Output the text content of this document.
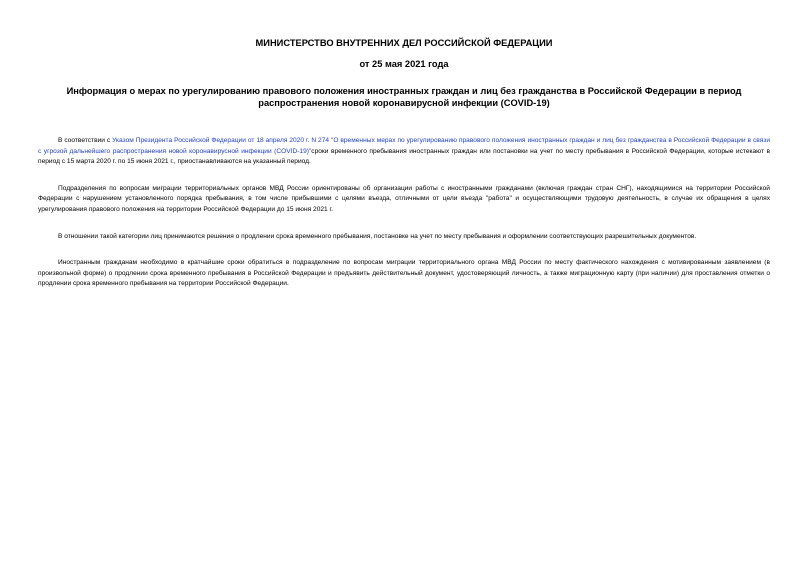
МИНИСТЕРСТВО ВНУТРЕННИХ ДЕЛ РОССИЙСКОЙ ФЕДЕРАЦИИ
от 25 мая 2021 года
Информация о мерах по урегулированию правового положения иностранных граждан и лиц без гражданства в Российской Федерации в период распространения новой коронавирусной инфекции (COVID-19)

В соответствии с Указом Президента Российской Федерации от 18 апреля 2020 г. N 274 "О временных мерах по урегулированию правового положения иностранных граждан и лиц без гражданства в Российской Федерации в связи с угрозой дальнейшего распространения новой коронавирусной инфекции (COVID-19)"сроки временного пребывания иностранных граждан или постановки на учет по месту пребывания в Российской Федерации, которые истекают в период с 15 марта 2020 г. по 15 июня 2021 г., приостанавливаются на указанный период.

Подразделения по вопросам миграции территориальных органов МВД России ориентированы об организации работы с иностранными гражданами (включая граждан стран СНГ), находящимися на территории Российской Федерации с нарушением установленного порядка пребывания, в том числе прибывшими с целями въезда, отличными от цели въезда "работа" и осуществляющими трудовую деятельность, в случае их обращения в целях урегулирования правового положения на территории Российской Федерации до 15 июня 2021 г.

В отношении такой категории лиц принимаются решения о продлении срока временного пребывания, постановке на учет по месту пребывания и оформлении соответствующих разрешительных документов.

Иностранным гражданам необходимо в кратчайшие сроки обратиться в подразделение по вопросам миграции территориального органа МВД России по месту фактического нахождения с мотивированным заявлением (в произвольной форме) о продлении срока временного пребывания в Российской Федерации и предъявить действительный документ, удостоверяющий личность, а также миграционную карту (при наличии) для проставления отметки о продлении срока временного пребывания на территории Российской Федерации.
